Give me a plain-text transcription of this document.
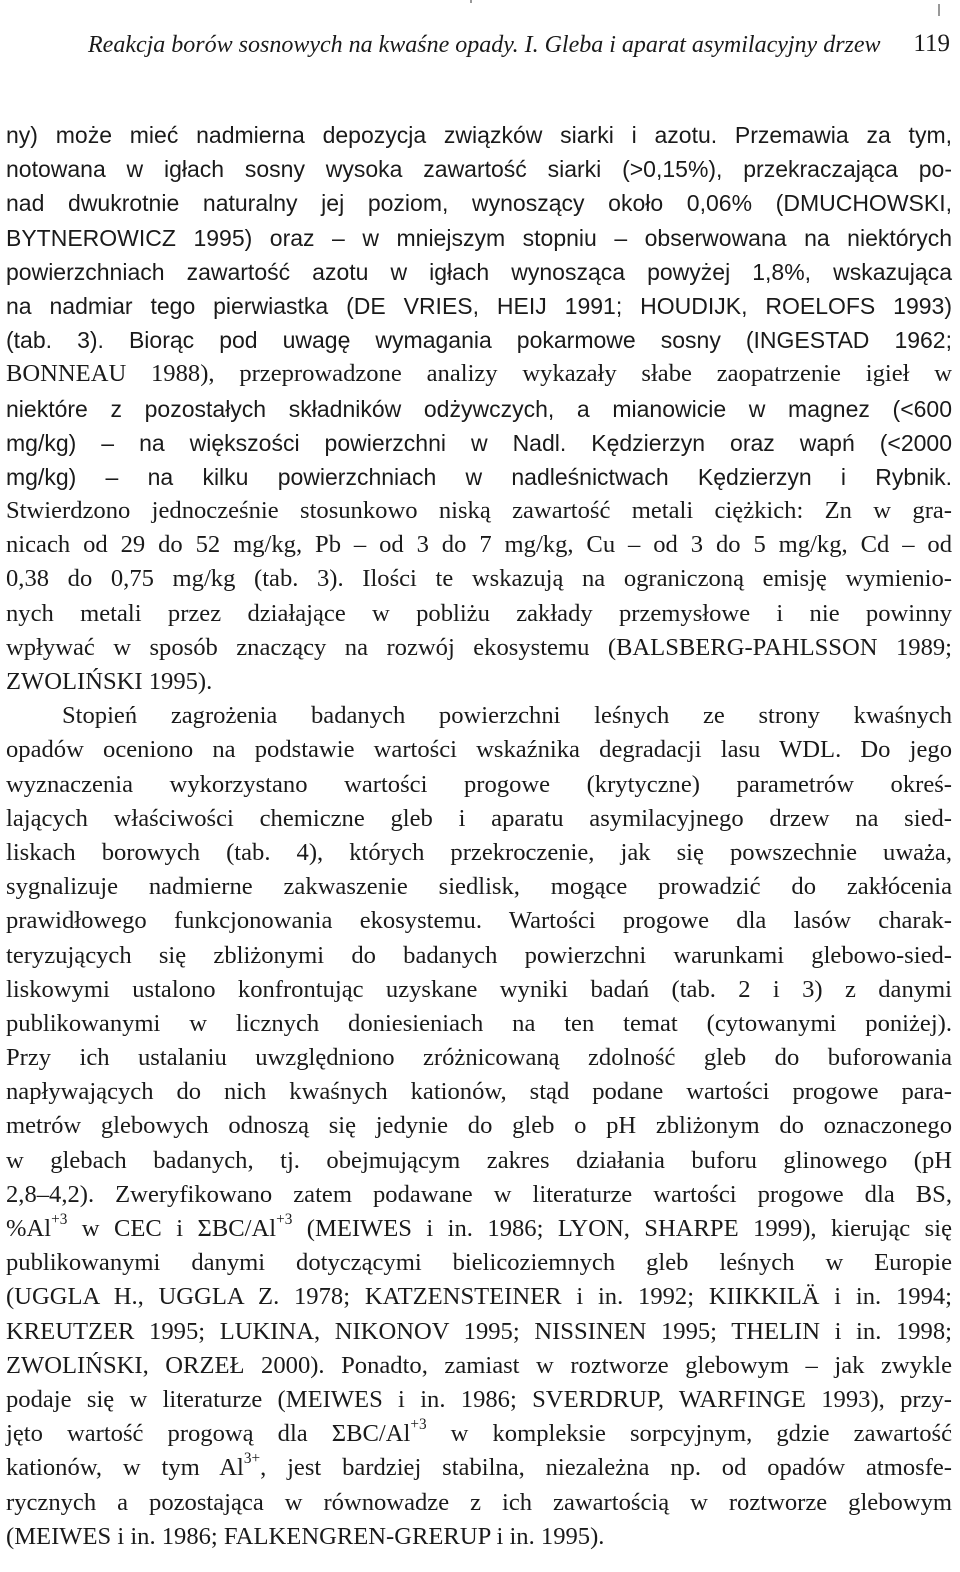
Reakcja borów sosnowych na kwaśne opady. I. Gleba i aparat asymilacyjny drzew 119
ny) może mieć nadmierna depozycja związków siarki i azotu. Przemawia za tym,
notowana w igłach sosny wysoka zawartość siarki (>0,15%), przekraczająca po-
nad dwukrotnie naturalny jej poziom, wynoszący około 0,06% (DMUCHOWSKI,
BYTNEROWICZ 1995) oraz – w mniejszym stopniu – obserwowana na niektórych
powierzchniach zawartość azotu w igłach wynosząca powyżej 1,8%, wskazująca
na nadmiar tego pierwiastka (DE VRIES, HEIJ 1991; HOUDIJK, ROELOFS 1993)
(tab. 3). Biorąc pod uwagę wymagania pokarmowe sosny (INGESTAD 1962;
BONNEAU 1988), przeprowadzone analizy wykazały słabe zaopatrzenie igieł w
niektóre z pozostałych składników odżywczych, a mianowicie w magnez (<600
mg/kg) – na większości powierzchni w Nadl. Kędzierzyn oraz wapń (<2000
mg/kg) – na kilku powierzchniach w nadleśnictwach Kędzierzyn i Rybnik.
Stwierdzono jednocześnie stosunkowo niską zawartość metali ciężkich: Zn w gra-
nicach od 29 do 52 mg/kg, Pb – od 3 do 7 mg/kg, Cu – od 3 do 5 mg/kg, Cd – od
0,38 do 0,75 mg/kg (tab. 3). Ilości te wskazują na ograniczoną emisję wymienio-
nych metali przez działające w pobliżu zakłady przemysłowe i nie powinny
wpływać w sposób znaczący na rozwój ekosystemu (BALSBERG-PAHLSSON 1989;
ZWOLIŃSKI 1995).
Stopień zagrożenia badanych powierzchni leśnych ze strony kwaśnych
opadów oceniono na podstawie wartości wskaźnika degradacji lasu WDL. Do jego
wyznaczenia wykorzystano wartości progowe (krytyczne) parametrów okreś-
lających właściwości chemiczne gleb i aparatu asymilacyjnego drzew na sied-
liskach borowych (tab. 4), których przekroczenie, jak się powszechnie uważa,
sygnalizuje nadmierne zakwaszenie siedlisk, mogące prowadzić do zakłócenia
prawidłowego funkcjonowania ekosystemu. Wartości progowe dla lasów charak-
teryzujących się zbliżonymi do badanych powierzchni warunkami glebowo-sied-
liskowymi ustalono konfrontując uzyskane wyniki badań (tab. 2 i 3) z danymi
publikowanymi w licznych doniesieniach na ten temat (cytowanymi poniżej).
Przy ich ustalaniu uwzględniono zróżnicowaną zdolność gleb do buforowania
napływających do nich kwaśnych kationów, stąd podane wartości progowe para-
metrów glebowych odnoszą się jedynie do gleb o pH zbliżonym do oznaczonego
w glebach badanych, tj. obejmującym zakres działania buforu glinowego (pH
2,8–4,2). Zweryfikowano zatem podawane w literaturze wartości progowe dla BS,
$\%Al^{+3}$ w CEC i ΣBC/$Al^{+3}$ (MEIWES i in. 1986; LYON, SHARPE 1999), kierując się
publikowanymi danymi dotyczącymi bielicoziemnych gleb leśnych w Europie
(UGGLA H., UGGLA Z. 1978; KATZENSTEINER i in. 1992; KIIKKILÄ i in. 1994;
KREUTZER 1995; LUKINA, NIKONOV 1995; NISSINEN 1995; THELIN i in. 1998;
ZWOLIŃSKI, ORZEŁ 2000). Ponadto, zamiast w roztworze glebowym – jak zwykle
podaje się w literaturze (MEIWES i in. 1986; SVERDRUP, WARFINGE 1993), przy-
jęto wartość progową dla ΣBC/$Al^{+3}$ w kompleksie sorpcyjnym, gdzie zawartość
kationów, w tym $Al^{3+}$, jest bardziej stabilna, niezależna np. od opadów atmosfe-
rycznych a pozostająca w równowadze z ich zawartością w roztworze glebowym
(MEIWES i in. 1986; FALKENGREN-GRERUP i in. 1995).
